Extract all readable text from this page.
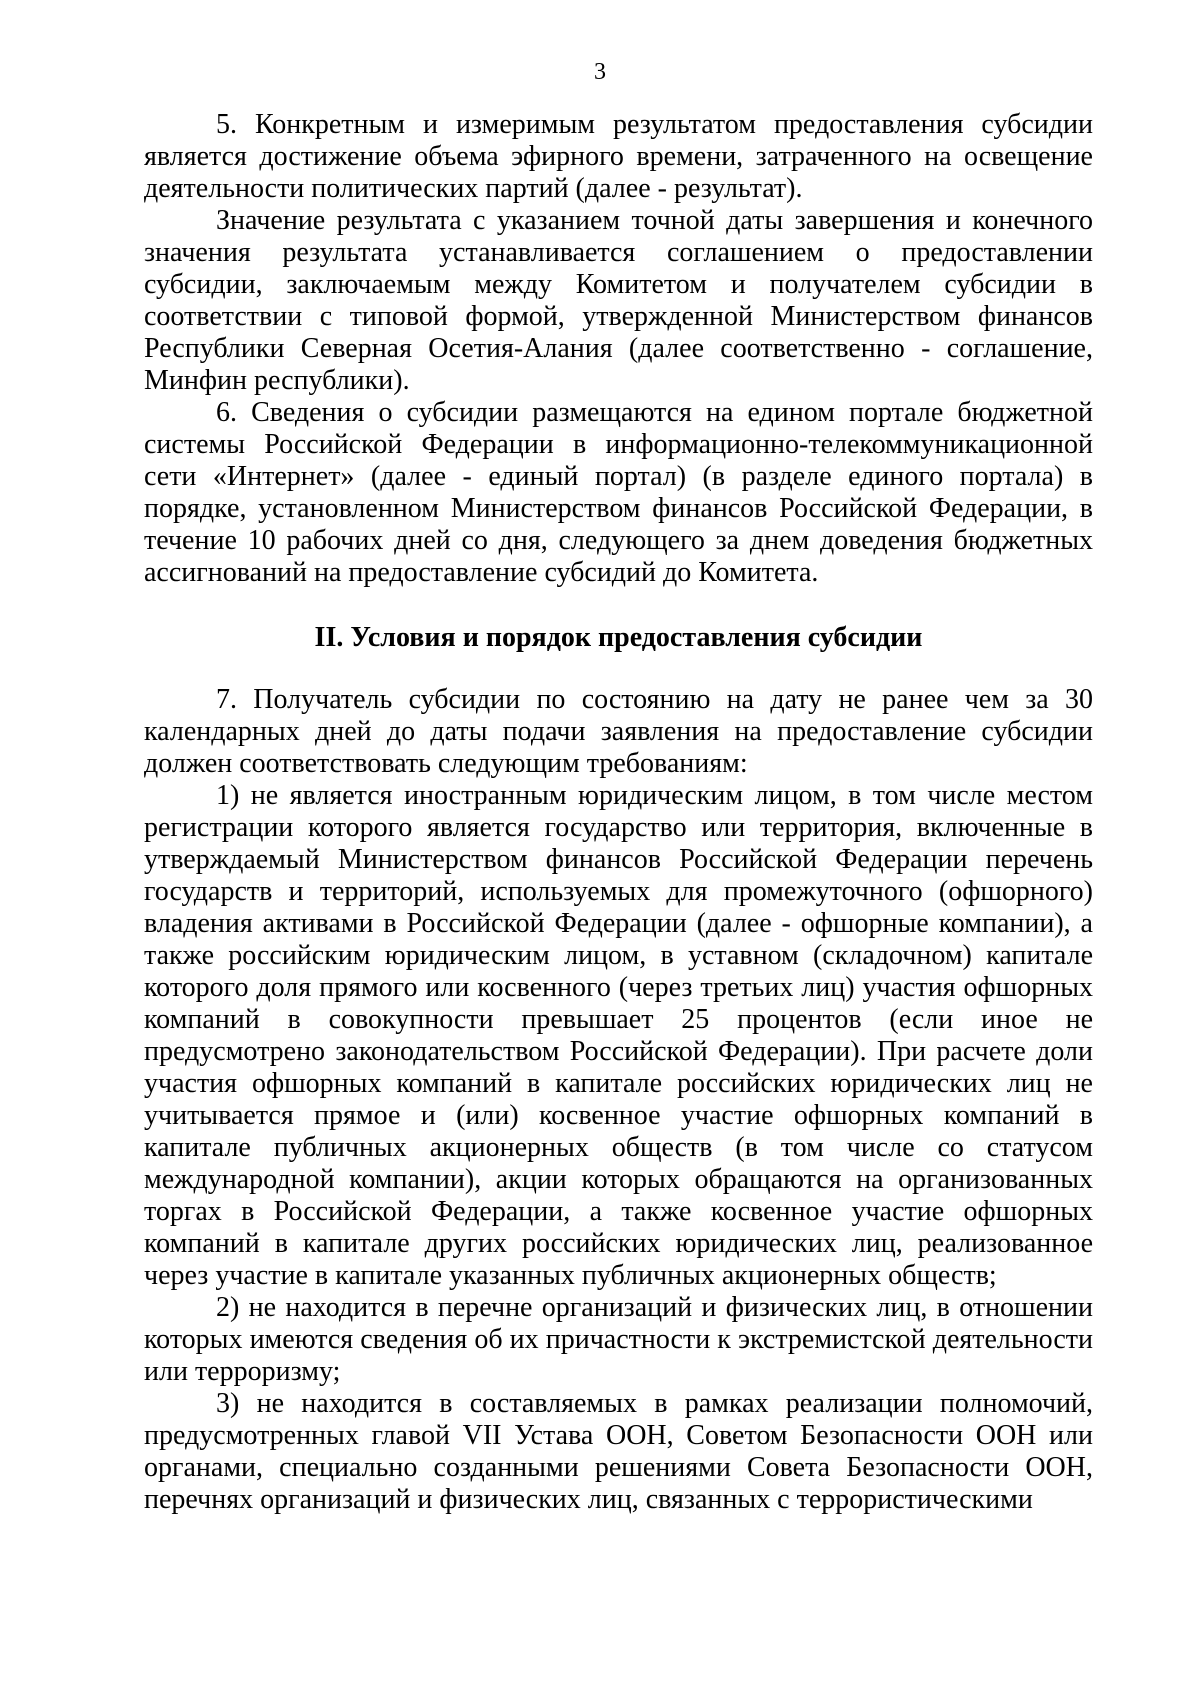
3

5. Конкретным и измеримым результатом предоставления субсидии является достижение объема эфирного времени, затраченного на освещение деятельности политических партий (далее - результат).

Значение результата с указанием точной даты завершения и конечного значения результата устанавливается соглашением о предоставлении субсидии, заключаемым между Комитетом и получателем субсидии в соответствии с типовой формой, утвержденной Министерством финансов Республики Северная Осетия-Алания (далее соответственно - соглашение, Минфин республики).

6. Сведения о субсидии размещаются на едином портале бюджетной системы Российской Федерации в информационно-телекоммуникационной сети «Интернет» (далее - единый портал) (в разделе единого портала) в порядке, установленном Министерством финансов Российской Федерации, в течение 10 рабочих дней со дня, следующего за днем доведения бюджетных ассигнований на предоставление субсидий до Комитета.

II. Условия и порядок предоставления субсидии

7. Получатель субсидии по состоянию на дату не ранее чем за 30 календарных дней до даты подачи заявления на предоставление субсидии должен соответствовать следующим требованиям:

1) не является иностранным юридическим лицом, в том числе местом регистрации которого является государство или территория, включенные в утверждаемый Министерством финансов Российской Федерации перечень государств и территорий, используемых для промежуточного (офшорного) владения активами в Российской Федерации (далее - офшорные компании), а также российским юридическим лицом, в уставном (складочном) капитале которого доля прямого или косвенного (через третьих лиц) участия офшорных компаний в совокупности превышает 25 процентов (если иное не предусмотрено законодательством Российской Федерации). При расчете доли участия офшорных компаний в капитале российских юридических лиц не учитывается прямое и (или) косвенное участие офшорных компаний в капитале публичных акционерных обществ (в том числе со статусом международной компании), акции которых обращаются на организованных торгах в Российской Федерации, а также косвенное участие офшорных компаний в капитале других российских юридических лиц, реализованное через участие в капитале указанных публичных акционерных обществ;

2) не находится в перечне организаций и физических лиц, в отношении которых имеются сведения об их причастности к экстремистской деятельности или терроризму;

3) не находится в составляемых в рамках реализации полномочий, предусмотренных главой VII Устава ООН, Советом Безопасности ООН или органами, специально созданными решениями Совета Безопасности ООН, перечнях организаций и физических лиц, связанных с террористическими
